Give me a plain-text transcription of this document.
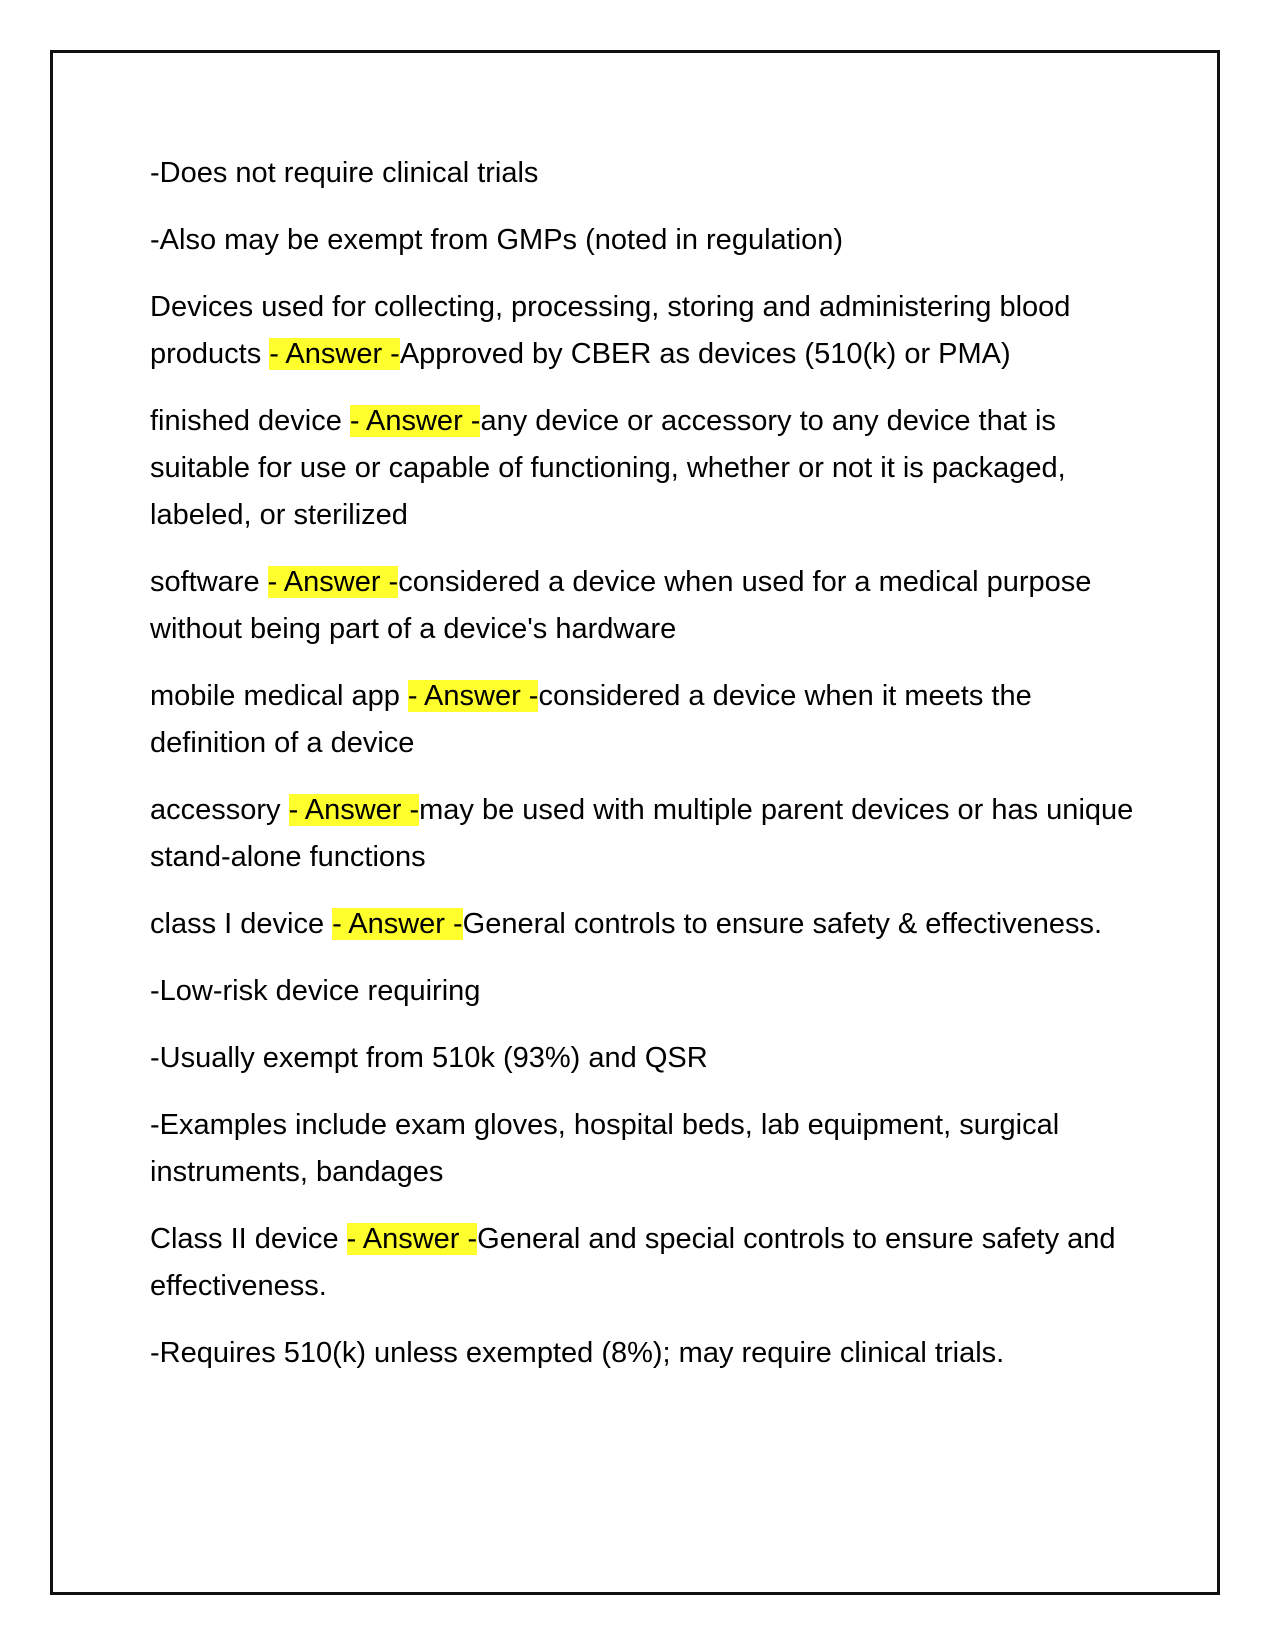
-Does not require clinical trials

-Also may be exempt from GMPs (noted in regulation)

Devices used for collecting, processing, storing and administering blood products - Answer -Approved by CBER as devices (510(k) or PMA)

finished device - Answer -any device or accessory to any device that is suitable for use or capable of functioning, whether or not it is packaged, labeled, or sterilized

software - Answer -considered a device when used for a medical purpose without being part of a device's hardware

mobile medical app - Answer -considered a device when it meets the definition of a device

accessory - Answer -may be used with multiple parent devices or has unique stand-alone functions

class I device - Answer -General controls to ensure safety & effectiveness.

-Low-risk device requiring

-Usually exempt from 510k (93%) and QSR

-Examples include exam gloves, hospital beds, lab equipment, surgical instruments, bandages

Class II device - Answer -General and special controls to ensure safety and effectiveness.

-Requires 510(k) unless exempted (8%); may require clinical trials.
